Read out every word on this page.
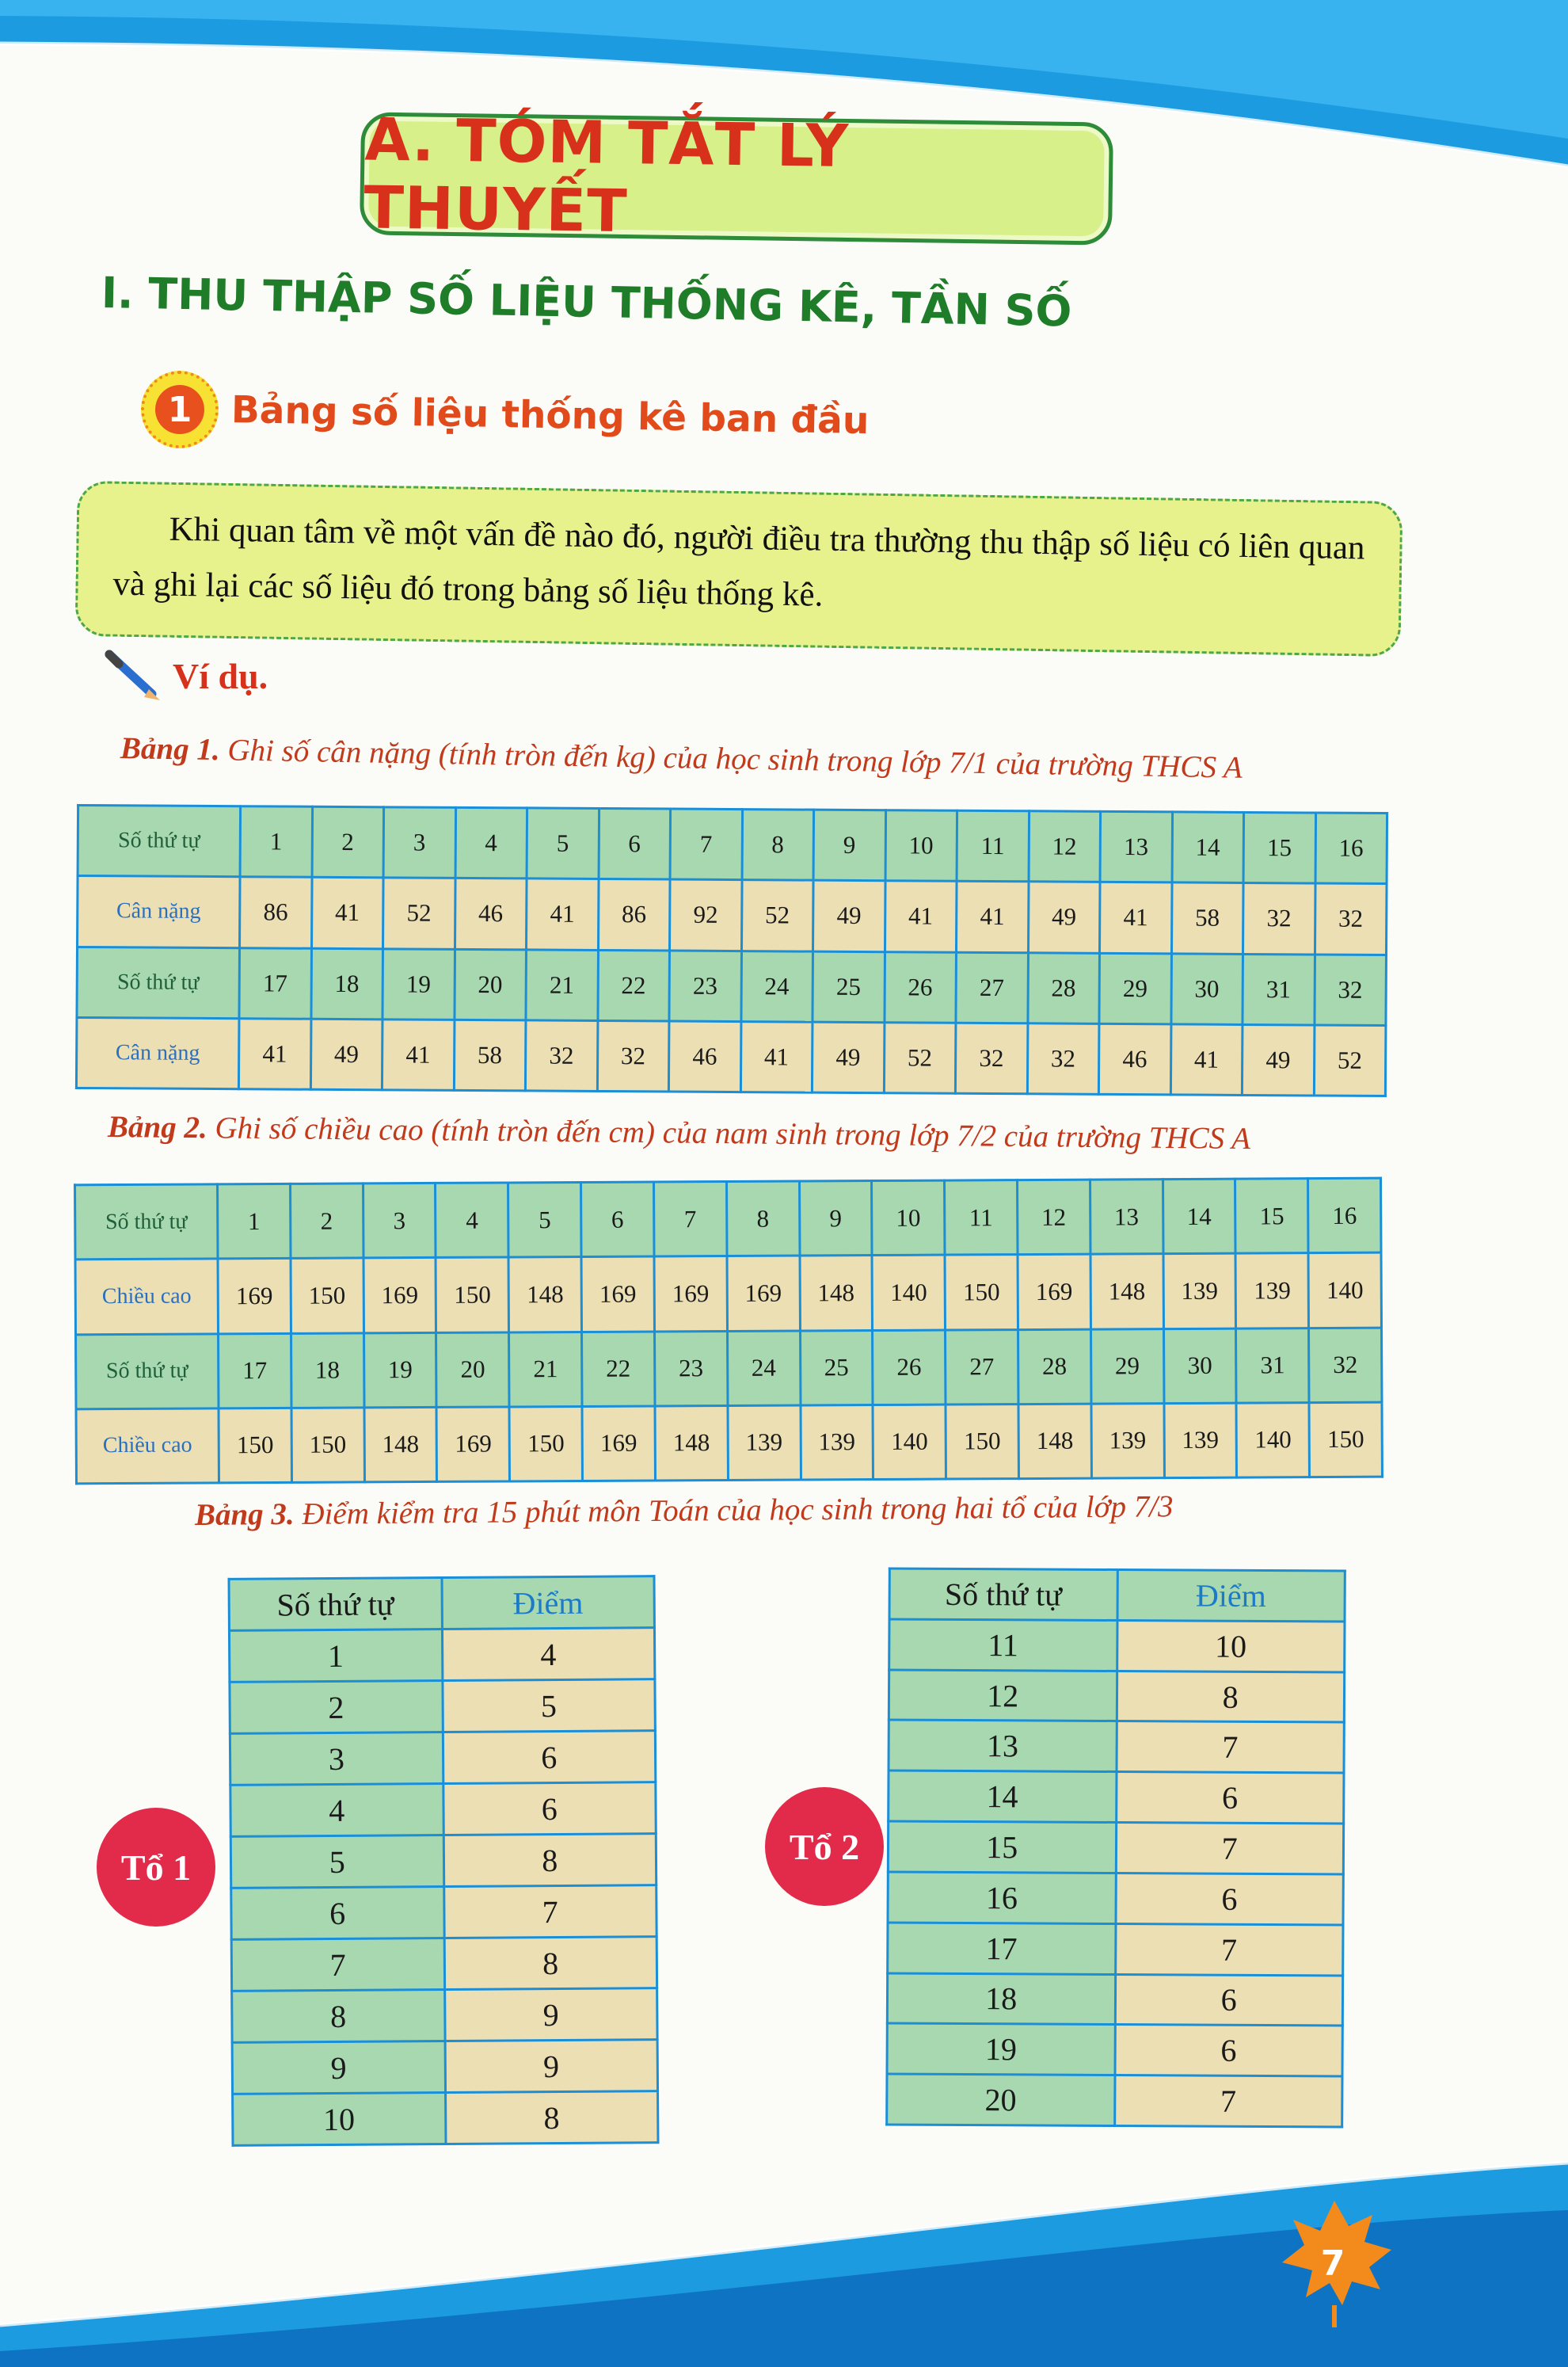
A. TÓM TẮT LÝ THUYẾT
I. THU THẬP SỐ LIỆU THỐNG KÊ, TẦN SỐ
1	Bảng số liệu thống kê ban đầu

Khi quan tâm về một vấn đề nào đó, người điều tra thường thu thập số liệu có liên quan và ghi lại các số liệu đó trong bảng số liệu thống kê.

Ví dụ.
Bảng 1. Ghi số cân nặng (tính tròn đến kg) của học sinh trong lớp 7/1 của trường THCS A
Số thứ tự	1	2	3	4	5	6	7	8	9	10	11	12	13	14	15	16
Cân nặng	86	41	52	46	41	86	92	52	49	41	41	49	41	58	32	32
Số thứ tự	17	18	19	20	21	22	23	24	25	26	27	28	29	30	31	32
Cân nặng	41	49	41	58	32	32	46	41	49	52	32	32	46	41	49	52
Bảng 2. Ghi số chiều cao (tính tròn đến cm) của nam sinh trong lớp 7/2 của trường THCS A
Số thứ tự	1	2	3	4	5	6	7	8	9	10	11	12	13	14	15	16
Chiều cao	169	150	169	150	148	169	169	169	148	140	150	169	148	139	139	140
Số thứ tự	17	18	19	20	21	22	23	24	25	26	27	28	29	30	31	32
Chiều cao	150	150	148	169	150	169	148	139	139	140	150	148	139	139	140	150
Bảng 3. Điểm kiểm tra 15 phút môn Toán của học sinh trong hai tổ của lớp 7/3
Tổ 1
Số thứ tự	Điểm
1	4
2	5
3	6
4	6
5	8
6	7
7	8
8	9
9	9
10	8
Tổ 2
Số thứ tự	Điểm
11	10
12	8
13	7
14	6
15	7
16	6
17	7
18	6
19	6
20	7
7
